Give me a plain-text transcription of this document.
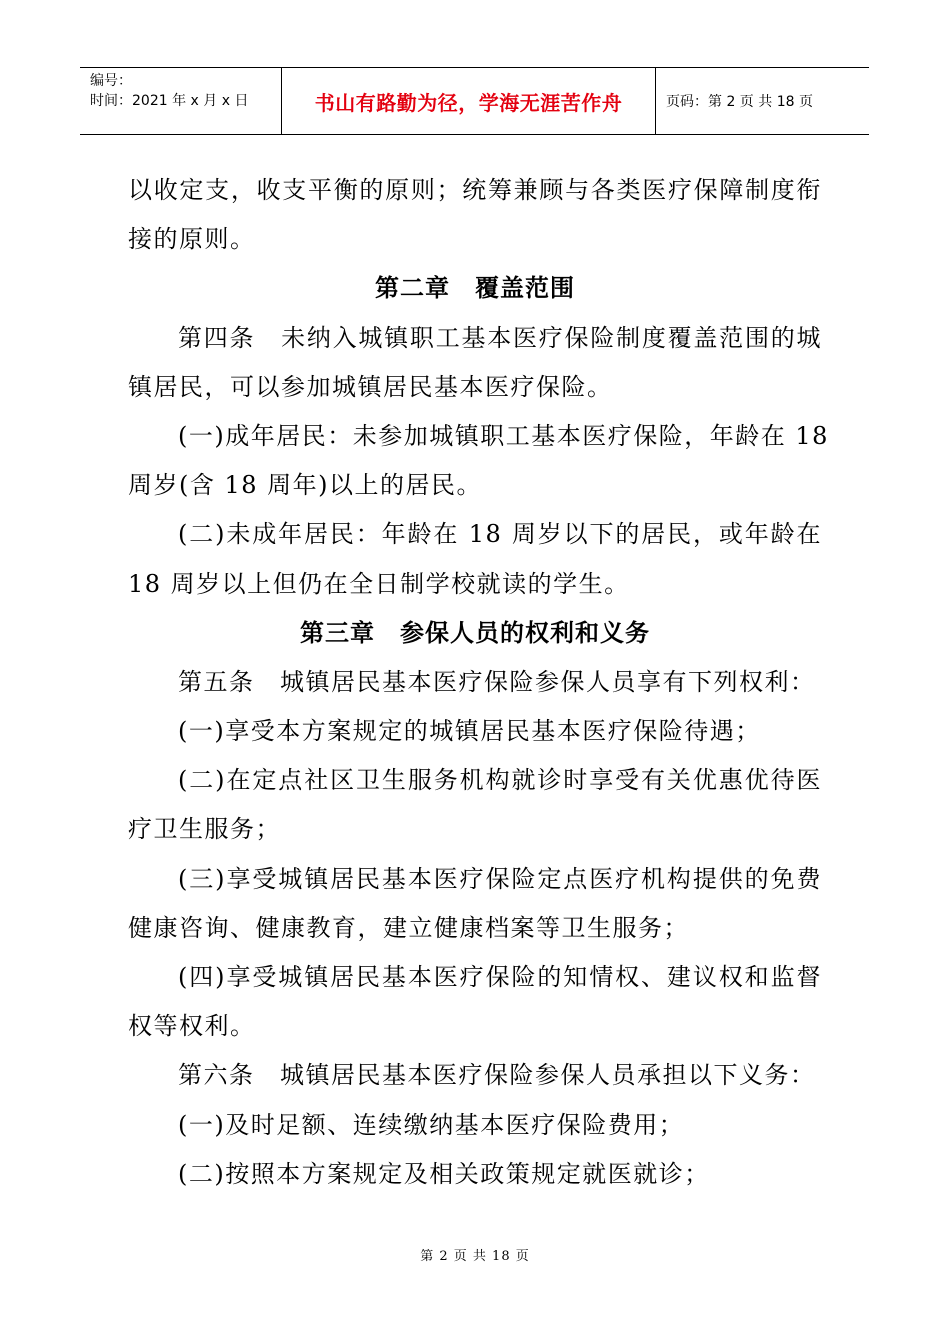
编号：
时间：2021 年 x 月 x 日	书山有路勤为径，学海无涯苦作舟	页码：第 2 页 共 18 页
以收定支，收支平衡的原则；统筹兼顾与各类医疗保障制度衔
接的原则。
第二章　覆盖范围
第四条　未纳入城镇职工基本医疗保险制度覆盖范围的城
镇居民，可以参加城镇居民基本医疗保险。
(一)成年居民：未参加城镇职工基本医疗保险，年龄在 18
周岁(含 18 周年)以上的居民。
(二)未成年居民：年龄在 18 周岁以下的居民，或年龄在
18 周岁以上但仍在全日制学校就读的学生。
第三章　参保人员的权利和义务
第五条　城镇居民基本医疗保险参保人员享有下列权利：
(一)享受本方案规定的城镇居民基本医疗保险待遇；
(二)在定点社区卫生服务机构就诊时享受有关优惠优待医
疗卫生服务；
(三)享受城镇居民基本医疗保险定点医疗机构提供的免费
健康咨询、健康教育，建立健康档案等卫生服务；
(四)享受城镇居民基本医疗保险的知情权、建议权和监督
权等权利。
第六条　城镇居民基本医疗保险参保人员承担以下义务：
(一)及时足额、连续缴纳基本医疗保险费用；
(二)按照本方案规定及相关政策规定就医就诊；
第 2 页 共 18 页
